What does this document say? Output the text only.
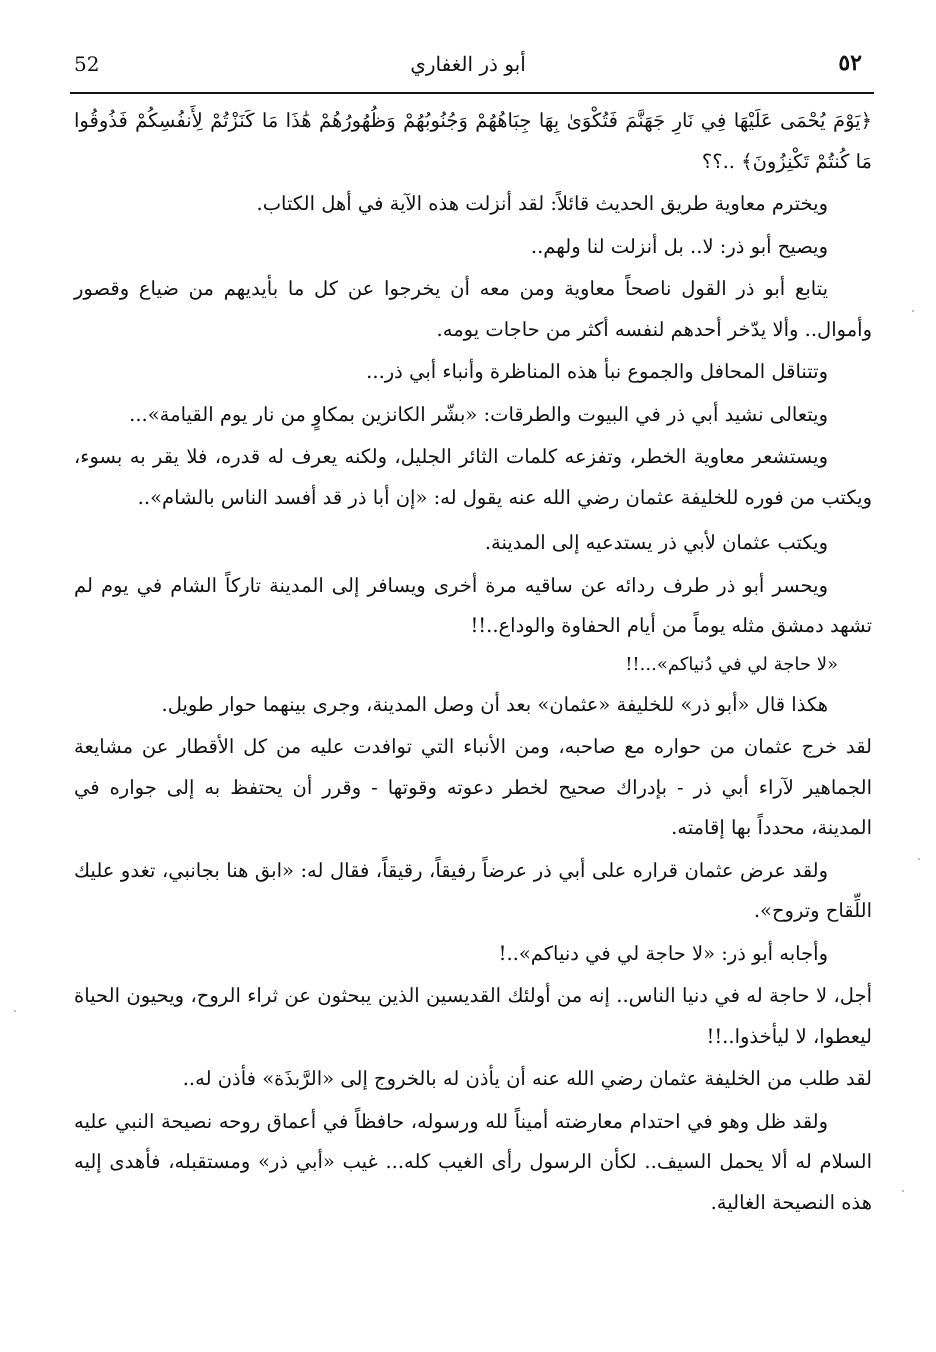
52	أبو ذر الغفاري	٥٢

﴿يَوْمَ يُحْمَى عَلَيْهَا فِي نَارِ جَهَنَّمَ فَتُكْوَىٰ بِهَا جِبَاهُهُمْ وَجُنُوبُهُمْ وَظُهُورُهُمْ هَٰذَا مَا كَنَزْتُمْ لِأَنفُسِكُمْ فَذُوقُوا مَا كُنتُمْ تَكْنِزُونَ﴾ ..؟؟

ويخترم معاوية طريق الحديث قائلاً: لقد أنزلت هذه الآية في أهل الكتاب.

ويصيح أبو ذر: لا.. بل أنزلت لنا ولهم..

يتابع أبو ذر القول ناصحاً معاوية ومن معه أن يخرجوا عن كل ما بأيديهم من ضياع وقصور وأموال.. وألا يدّخر أحدهم لنفسه أكثر من حاجات يومه.

وتتناقل المحافل والجموع نبأ هذه المناظرة وأنباء أبي ذر...

ويتعالى نشيد أبي ذر في البيوت والطرقات: «بشّر الكانزين بمكاوٍ من نار يوم القيامة»...

ويستشعر معاوية الخطر، وتفزعه كلمات الثائر الجليل، ولكنه يعرف له قدره، فلا يقر به بسوء، ويكتب من فوره للخليفة عثمان رضي الله عنه يقول له: «إن أبا ذر قد أفسد الناس بالشام»..

ويكتب عثمان لأبي ذر يستدعيه إلى المدينة.

ويحسر أبو ذر طرف ردائه عن ساقيه مرة أخرى ويسافر إلى المدينة تاركاً الشام في يوم لم تشهد دمشق مثله يوماً من أيام الحفاوة والوداع..!!

«لا حاجة لي في دُنياكم»...!!

هكذا قال «أبو ذر» للخليفة «عثمان» بعد أن وصل المدينة، وجرى بينهما حوار طويل.

لقد خرج عثمان من حواره مع صاحبه، ومن الأنباء التي توافدت عليه من كل الأقطار عن مشايعة الجماهير لآراء أبي ذر - بإدراك صحيح لخطر دعوته وقوتها - وقرر أن يحتفظ به إلى جواره في المدينة، محدداً بها إقامته.

ولقد عرض عثمان قراره على أبي ذر عرضاً رفيقاً، رقيقاً، فقال له: «ابق هنا بجانبي، تغدو عليك اللِّقاح وتروح».

وأجابه أبو ذر: «لا حاجة لي في دنياكم»..!

أجل، لا حاجة له في دنيا الناس.. إنه من أولئك القديسين الذين يبحثون عن ثراء الروح، ويحيون الحياة ليعطوا، لا ليأخذوا..!!

لقد طلب من الخليفة عثمان رضي الله عنه أن يأذن له بالخروج إلى «الرَّبذَة» فأذن له..

ولقد ظل وهو في احتدام معارضته أميناً لله ورسوله، حافظاً في أعماق روحه نصيحة النبي عليه السلام له ألا يحمل السيف.. لكأن الرسول رأى الغيب كله... غيب «أبي ذر» ومستقبله، فأهدى إليه هذه النصيحة الغالية.
